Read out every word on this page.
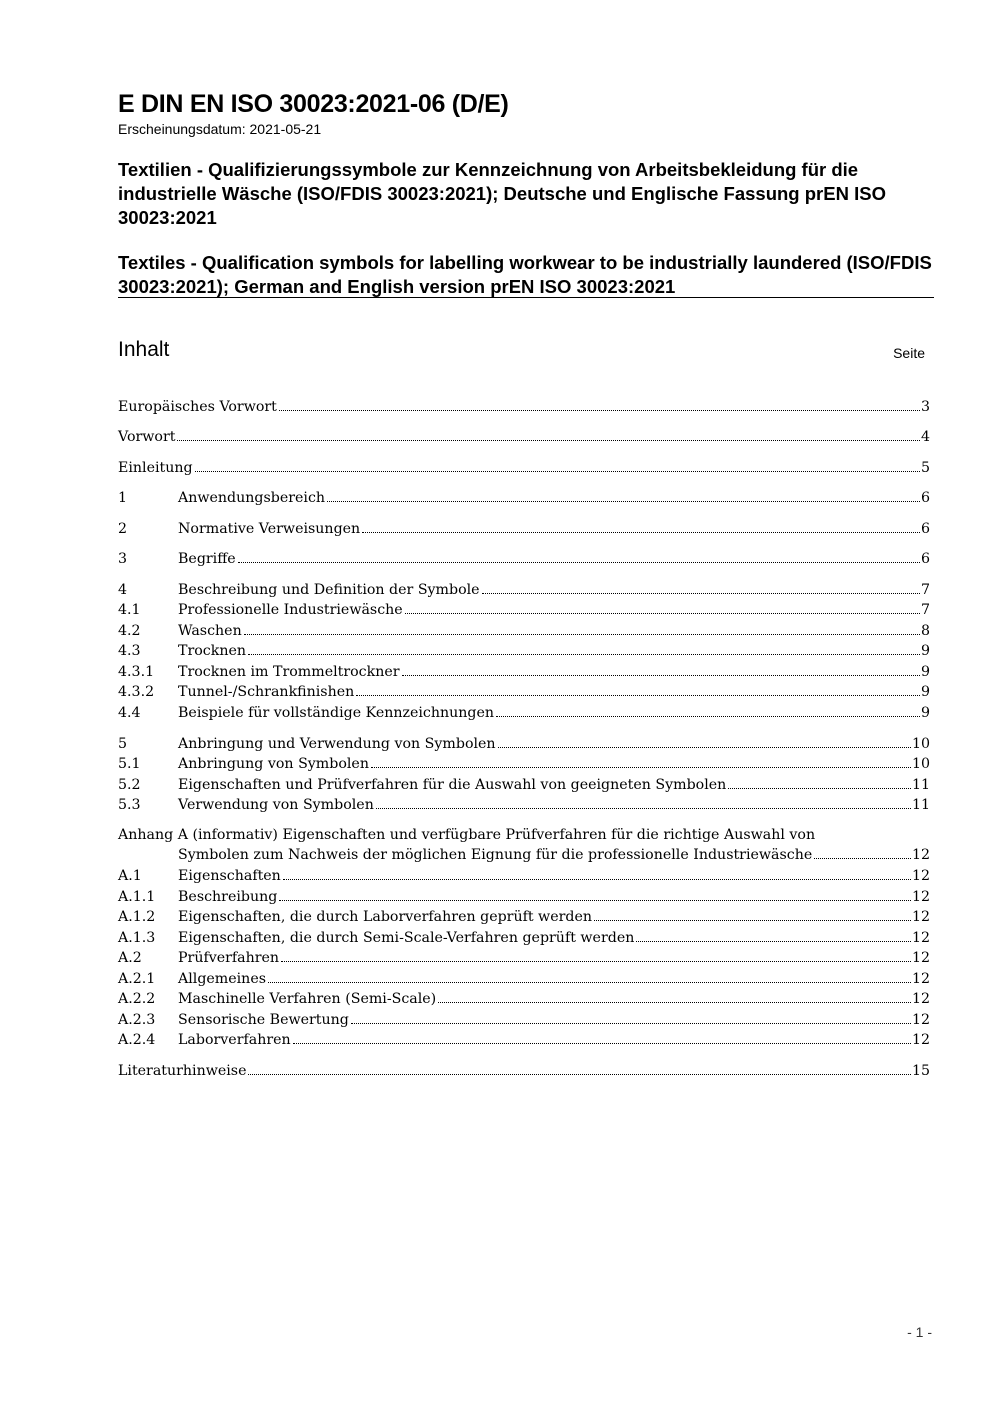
E DIN EN ISO 30023:2021-06 (D/E)
Erscheinungsdatum: 2021-05-21
Textilien - Qualifizierungssymbole zur Kennzeichnung von Arbeitsbekleidung für die industrielle Wäsche (ISO/FDIS 30023:2021); Deutsche und Englische Fassung prEN ISO 30023:2021
Textiles - Qualification symbols for labelling workwear to be industrially laundered (ISO/FDIS 30023:2021); German and English version prEN ISO 30023:2021
Inhalt	Seite
Europäisches Vorwort	3
Vorwort	4
Einleitung	5
1	Anwendungsbereich	6
2	Normative Verweisungen	6
3	Begriffe	6
4	Beschreibung und Definition der Symbole	7
4.1	Professionelle Industriewäsche	7
4.2	Waschen	8
4.3	Trocknen	9
4.3.1	Trocknen im Trommeltrockner	9
4.3.2	Tunnel-/Schrankfinishen	9
4.4	Beispiele für vollständige Kennzeichnungen	9
5	Anbringung und Verwendung von Symbolen	10
5.1	Anbringung von Symbolen	10
5.2	Eigenschaften und Prüfverfahren für die Auswahl von geeigneten Symbolen	11
5.3	Verwendung von Symbolen	11
Anhang A (informativ) Eigenschaften und verfügbare Prüfverfahren für die richtige Auswahl von
Symbolen zum Nachweis der möglichen Eignung für die professionelle Industriewäsche	12
A.1	Eigenschaften	12
A.1.1	Beschreibung	12
A.1.2	Eigenschaften, die durch Laborverfahren geprüft werden	12
A.1.3	Eigenschaften, die durch Semi-Scale-Verfahren geprüft werden	12
A.2	Prüfverfahren	12
A.2.1	Allgemeines	12
A.2.2	Maschinelle Verfahren (Semi-Scale)	12
A.2.3	Sensorische Bewertung	12
A.2.4	Laborverfahren	12
Literaturhinweise	15
- 1 -
